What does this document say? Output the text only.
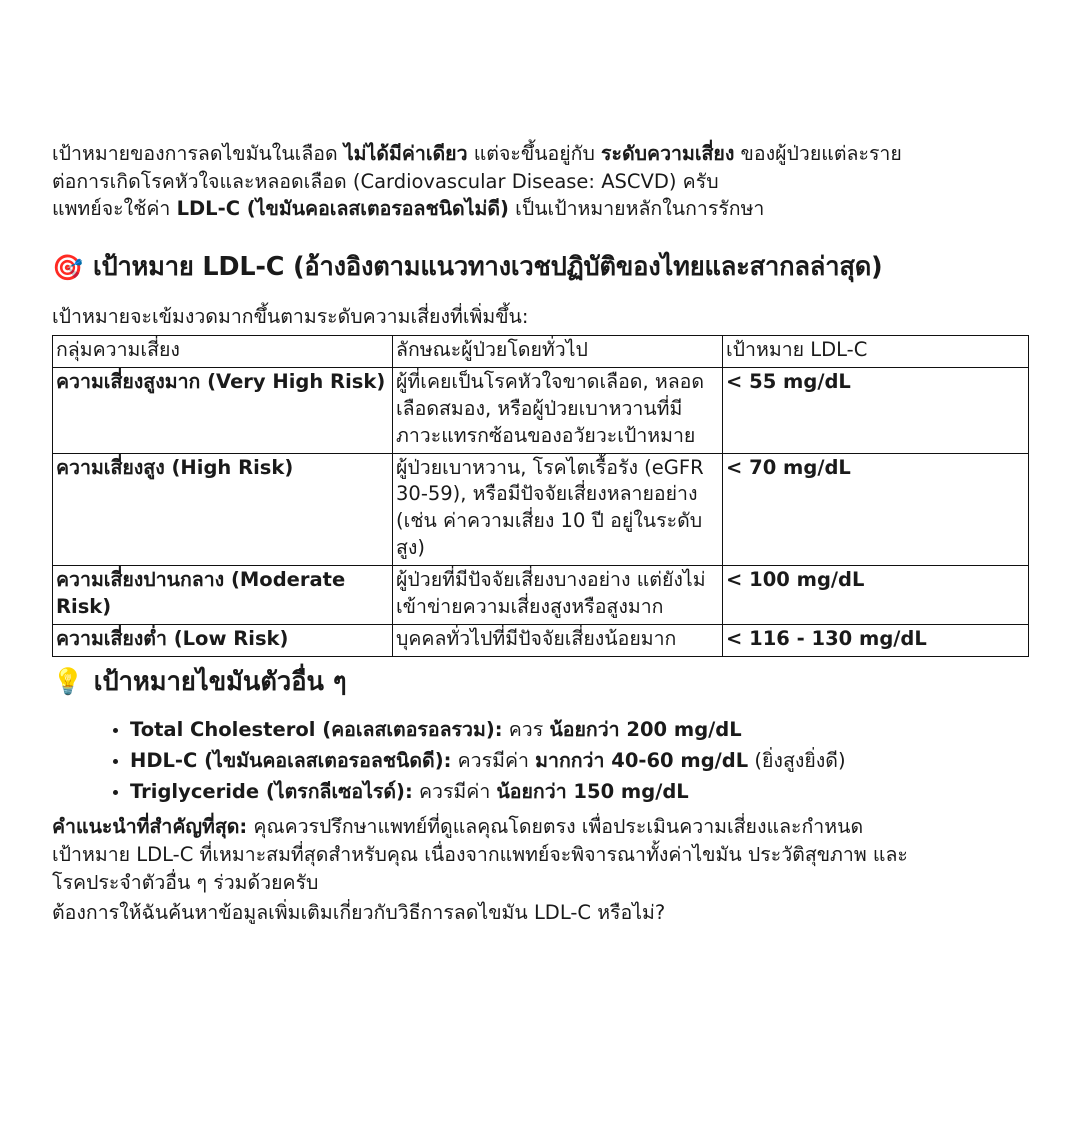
เป้าหมายของการลดไขมันในเลือด ไม่ได้มีค่าเดียว แต่จะขึ้นอยู่กับ ระดับความเสี่ยง ของผู้ป่วยแต่ละราย
ต่อการเกิดโรคหัวใจและหลอดเลือด (Cardiovascular Disease: ASCVD) ครับ
แพทย์จะใช้ค่า LDL-C (ไขมันคอเลสเตอรอลชนิดไม่ดี) เป็นเป้าหมายหลักในการรักษา

🎯 เป้าหมาย LDL-C (อ้างอิงตามแนวทางเวชปฏิบัติของไทยและสากลล่าสุด)

เป้าหมายจะเข้มงวดมากขึ้นตามระดับความเสี่ยงที่เพิ่มขึ้น:

กลุ่มความเสี่ยง	ลักษณะผู้ป่วยโดยทั่วไป	เป้าหมาย LDL-C
ความเสี่ยงสูงมาก (Very High Risk)	ผู้ที่เคยเป็นโรคหัวใจขาดเลือด, หลอดเลือดสมอง, หรือผู้ป่วยเบาหวานที่มีภาวะแทรกซ้อนของอวัยวะเป้าหมาย	< 55 mg/dL
ความเสี่ยงสูง (High Risk)	ผู้ป่วยเบาหวาน, โรคไตเรื้อรัง (eGFR 30-59), หรือมีปัจจัยเสี่ยงหลายอย่าง (เช่น ค่าความเสี่ยง 10 ปี อยู่ในระดับสูง)	< 70 mg/dL
ความเสี่ยงปานกลาง (Moderate Risk)	ผู้ป่วยที่มีปัจจัยเสี่ยงบางอย่าง แต่ยังไม่เข้าข่ายความเสี่ยงสูงหรือสูงมาก	< 100 mg/dL
ความเสี่ยงต่ำ (Low Risk)	บุคคลทั่วไปที่มีปัจจัยเสี่ยงน้อยมาก	< 116 - 130 mg/dL
💡 เป้าหมายไขมันตัวอื่น ๆ
• Total Cholesterol (คอเลสเตอรอลรวม): ควร น้อยกว่า 200 mg/dL
• HDL-C (ไขมันคอเลสเตอรอลชนิดดี): ควรมีค่า มากกว่า 40-60 mg/dL (ยิ่งสูงยิ่งดี)
• Triglyceride (ไตรกลีเซอไรด์): ควรมีค่า น้อยกว่า 150 mg/dL

คำแนะนำที่สำคัญที่สุด: คุณควรปรึกษาแพทย์ที่ดูแลคุณโดยตรง เพื่อประเมินความเสี่ยงและกำหนด
เป้าหมาย LDL-C ที่เหมาะสมที่สุดสำหรับคุณ เนื่องจากแพทย์จะพิจารณาทั้งค่าไขมัน ประวัติสุขภาพ และ
โรคประจำตัวอื่น ๆ ร่วมด้วยครับ

ต้องการให้ฉันค้นหาข้อมูลเพิ่มเติมเกี่ยวกับวิธีการลดไขมัน LDL-C หรือไม่?
